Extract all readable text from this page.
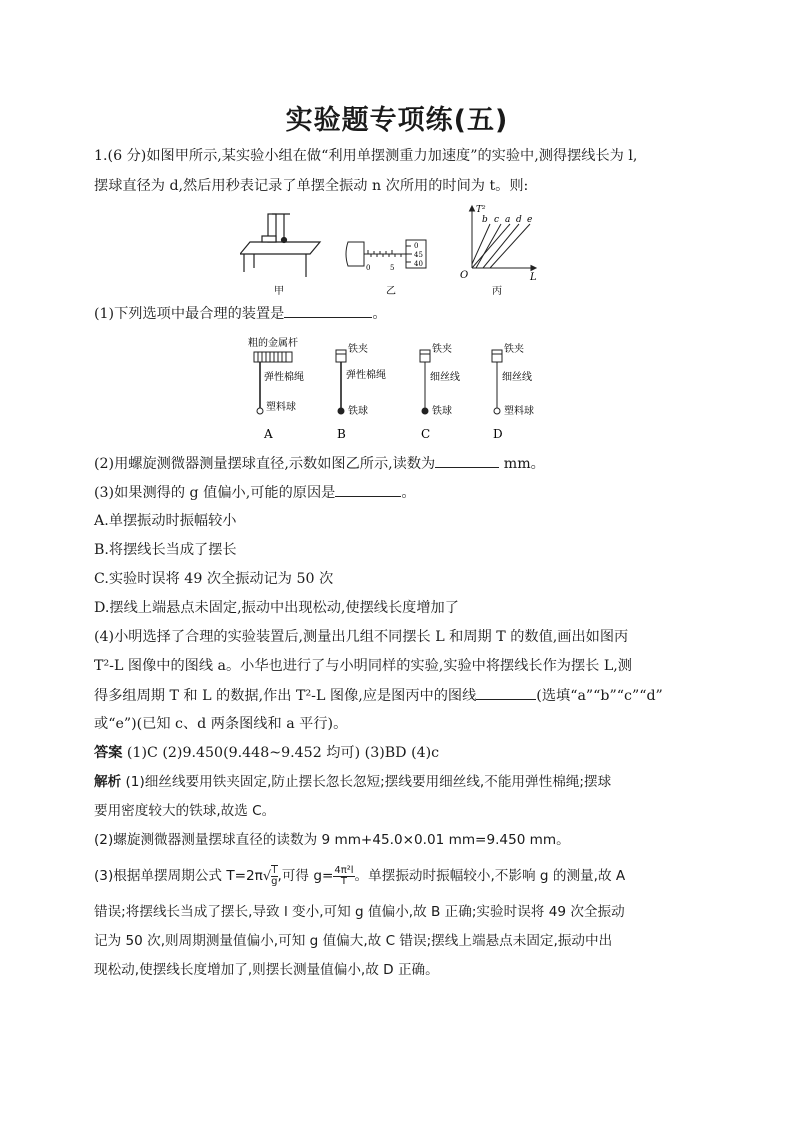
实验题专项练(五)
1.(6 分)如图甲所示,某实验小组在做“利用单摆测重力加速度”的实验中,测得摆线长为 l,
摆球直径为 d,然后用秒表记录了单摆全振动 n 次所用的时间为 t。则:
甲
0	5
0
45
40
乙
T²
L
O
b c a d e
丙
(1)下列选项中最合理的装置是	。
粗的金属杆
弹性棉绳
塑料球
A
铁夹
弹性棉绳
铁球
B
铁夹
细丝线
铁球
C
铁夹
细丝线
塑料球
D
(2)用螺旋测微器测量摆球直径,示数如图乙所示,读数为	mm。
(3)如果测得的 g 值偏小,可能的原因是	。
A.单摆振动时振幅较小
B.将摆线长当成了摆长
C.实验时误将 49 次全振动记为 50 次
D.摆线上端悬点未固定,振动中出现松动,使摆线长度增加了
(4)小明选择了合理的实验装置后,测量出几组不同摆长 L 和周期 T 的数值,画出如图丙
T²-L 图像中的图线 a。小华也进行了与小明同样的实验,实验中将摆线长作为摆长 L,测
得多组周期 T 和 L 的数据,作出 T²-L 图像,应是图丙中的图线	(选填“a”“b”“c”“d”
或“e”)(已知 c、d 两条图线和 a 平行)。
答案 (1)C (2)9.450(9.448~9.452 均可) (3)BD (4)c
解析 (1)细丝线要用铁夹固定,防止摆长忽长忽短;摆线要用细丝线,不能用弹性棉绳;摆球
要用密度较大的铁球,故选 C。
(2)螺旋测微器测量摆球直径的读数为 9 mm+45.0×0.01 mm=9.450 mm。
(3)根据单摆周期公式 $T=2\pi√ \frac{l}{g}$ ,可得 $g= \frac{\text{4π²l}}{T}$ 。单摆振动时振幅较小,不影响 g 的测量,故 A
错误;将摆线长当成了摆长,导致 l 变小,可知 g 值偏小,故 B 正确;实验时误将 49 次全振动
记为 50 次,则周期测量值偏小,可知 g 值偏大,故 C 错误;摆线上端悬点未固定,振动中出
现松动,使摆线长度增加了,则摆长测量值偏小,故 D 正确。
